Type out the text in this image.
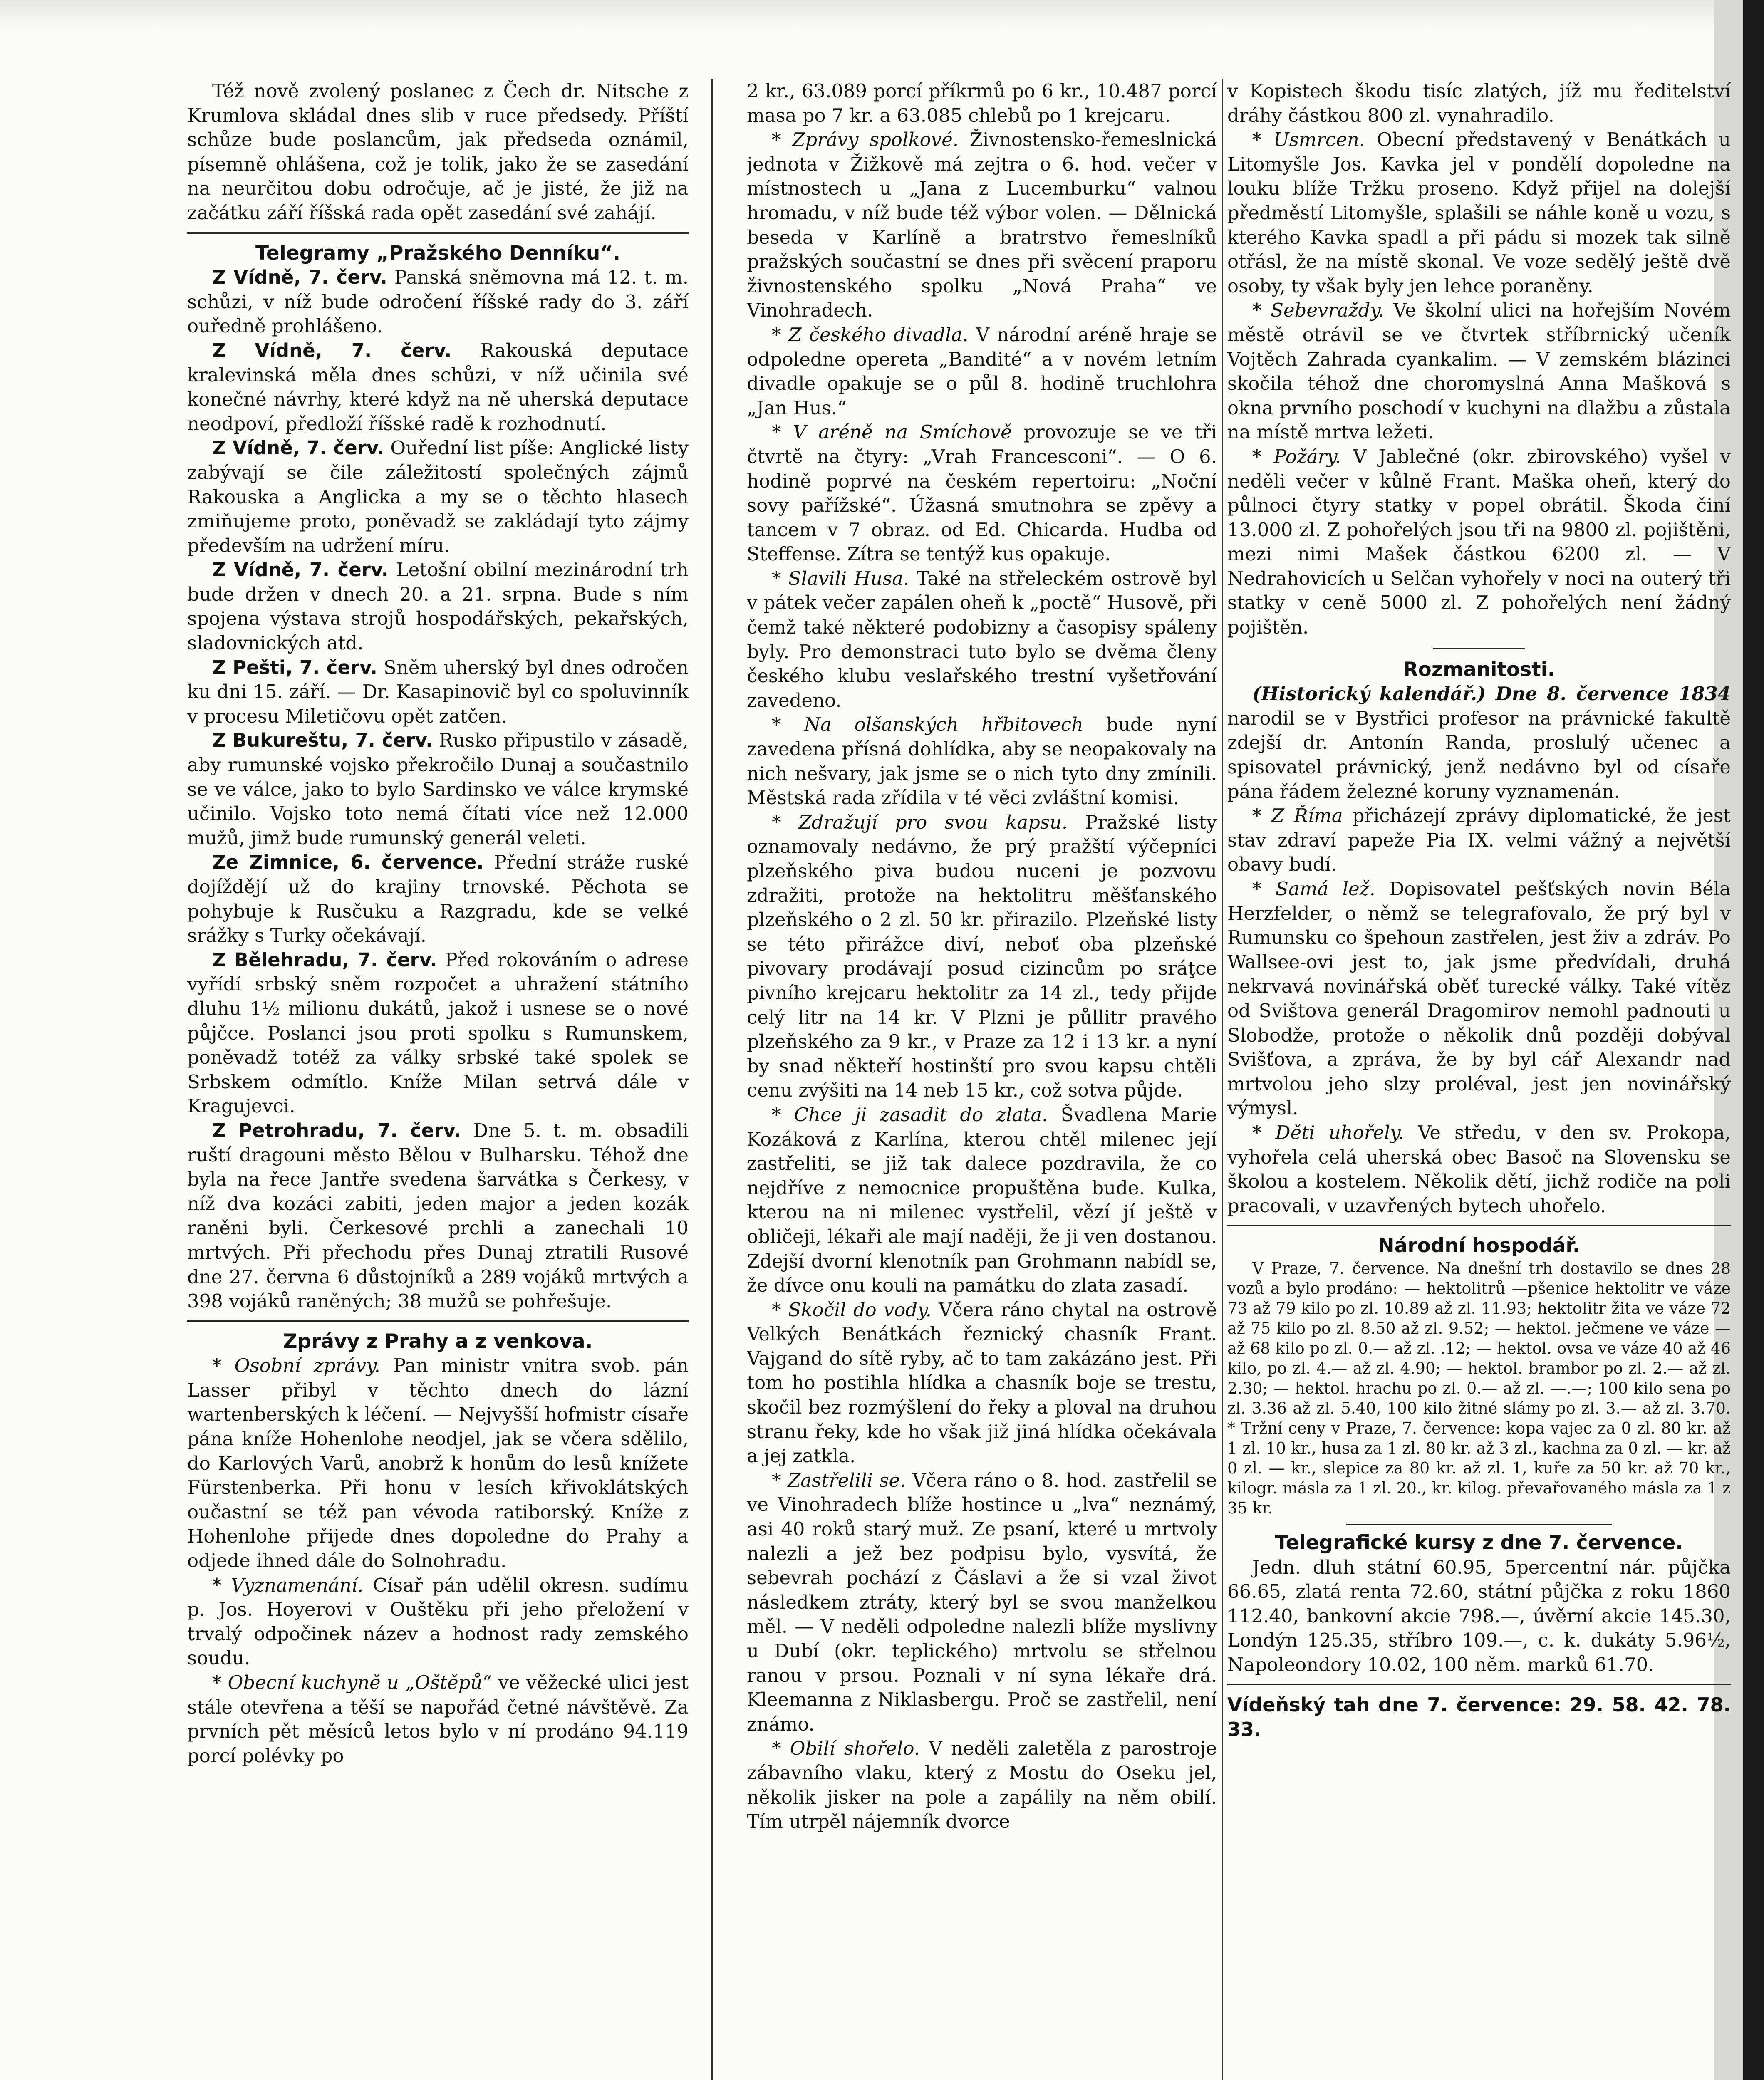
Též nově zvolený poslanec z Čech dr. Nitsche z Krumlova skládal dnes slib v ruce předsedy. Příští schůze bude poslancům, jak předseda oznámil, písemně ohlášena, což je tolik, jako že se zasedání na neurčitou dobu odročuje, ač je jisté, že již na začátku září říšská rada opět zasedání své zahájí.

Telegramy „Pražského Denníku“.

Z Vídně, 7. červ. Panská sněmovna má 12. t. m. schůzi, v níž bude odročení říšské rady do 3. září ouředně prohlášeno.

Z Vídně, 7. červ. Rakouská deputace kralevinská měla dnes schůzi, v níž učinila své konečné návrhy, které když na ně uherská deputace neodpoví, předloží říšské radě k rozhodnutí.

Z Vídně, 7. červ. Ouřední list píše: Anglické listy zabývají se čile záležitostí společných zájmů Rakouska a Anglicka a my se o těchto hlasech zmiňujeme proto, poněvadž se zakládají tyto zájmy především na udržení míru.

Z Vídně, 7. červ. Letošní obilní mezinárodní trh bude držen v dnech 20. a 21. srpna. Bude s ním spojena výstava strojů hospodářských, pekařských, sladovnických atd.

Z Pešti, 7. červ. Sněm uherský byl dnes odročen ku dni 15. září. — Dr. Kasapinovič byl co spoluvinník v procesu Miletičovu opět zatčen.

Z Bukureštu, 7. červ. Rusko připustilo v zásadě, aby rumunské vojsko překročilo Dunaj a součastnilo se ve válce, jako to bylo Sardinsko ve válce krymské učinilo. Vojsko toto nemá čítati více než 12.000 mužů, jimž bude rumunský generál veleti.

Ze Zimnice, 6. července. Přední stráže ruské dojíždějí už do krajiny trnovské. Pěchota se pohybuje k Rusčuku a Razgradu, kde se velké srážky s Turky očekávají.

Z Bělehradu, 7. červ. Před rokováním o adrese vyřídí srbský sněm rozpočet a uhražení státního dluhu 1½ milionu dukátů, jakož i usnese se o nové půjčce. Poslanci jsou proti spolku s Rumunskem, poněvadž totéž za války srbské také spolek se Srbskem odmítlo. Kníže Milan setrvá dále v Kragujevci.

Z Petrohradu, 7. červ. Dne 5. t. m. obsadili ruští dragouni město Bělou v Bulharsku. Téhož dne byla na řece Jantře svedena šarvátka s Čerkesy, v níž dva kozáci zabiti, jeden major a jeden kozák raněni byli. Čerkesové prchli a zanechali 10 mrtvých. Při přechodu přes Dunaj ztratili Rusové dne 27. června 6 důstojníků a 289 vojáků mrtvých a 398 vojáků raněných; 38 mužů se pohřešuje.

Zprávy z Prahy a z venkova.

* Osobní zprávy. Pan ministr vnitra svob. pán Lasser přibyl v těchto dnech do lázní wartenberských k léčení. — Nejvyšší hofmistr císaře pána kníže Hohenlohe neodjel, jak se včera sdělilo, do Karlových Varů, anobrž k honům do lesů knížete Fürstenberka. Při honu v lesích křivoklátských oučastní se též pan vévoda ratiborský. Kníže z Hohenlohe přijede dnes dopoledne do Prahy a odjede ihned dále do Solnohradu.

* Vyznamenání. Císař pán udělil okresn. sudímu p. Jos. Hoyerovi v Ouštěku při jeho přeložení v trvalý odpočinek název a hodnost rady zemského soudu.

* Obecní kuchyně u „Oštěpů“ ve věžecké ulici jest stále otevřena a těší se napořád četné návštěvě. Za prvních pět měsíců letos bylo v ní prodáno 94.119 porcí polévky po

2 kr., 63.089 porcí příkrmů po 6 kr., 10.487 porcí masa po 7 kr. a 63.085 chlebů po 1 krejcaru.

* Zprávy spolkové. Živnostensko-řemeslnická jednota v Žižkově má zejtra o 6. hod. večer v místnostech u „Jana z Lucemburku“ valnou hromadu, v níž bude též výbor volen. — Dělnická beseda v Karlíně a bratrstvo řemeslníků pražských součastní se dnes při svěcení praporu živnostenského spolku „Nová Praha“ ve Vinohradech.

* Z českého divadla. V národní aréně hraje se odpoledne opereta „Bandité“ a v novém letním divadle opakuje se o půl 8. hodině truchlohra „Jan Hus.“

* V aréně na Smíchově provozuje se ve tři čtvrtě na čtyry: „Vrah Francesconi“. — O 6. hodině poprvé na českém repertoiru: „Noční sovy pařížské“. Úžasná smutnohra se zpěvy a tancem v 7 obraz. od Ed. Chicarda. Hudba od Steffense. Zítra se tentýž kus opakuje.

* Slavili Husa. Také na střeleckém ostrově byl v pátek večer zapálen oheň k „poctě“ Husově, při čemž také některé podobizny a časopisy spáleny byly. Pro demonstraci tuto bylo se dvěma členy českého klubu veslařského trestní vyšetřování zavedeno.

* Na olšanských hřbitovech bude nyní zavedena přísná dohlídka, aby se neopakovaly na nich nešvary, jak jsme se o nich tyto dny zmínili. Městská rada zřídila v té věci zvláštní komisi.

* Zdražují pro svou kapsu. Pražské listy oznamovaly nedávno, že prý pražští výčepníci plzeňského piva budou nuceni je pozvovu zdražiti, protože na hektolitru měšťanského plzeňského o 2 zl. 50 kr. přirazilo. Plzeňské listy se této přirážce diví, neboť oba plzeňské pivovary prodávají posud cizincům po sráţce pivního krejcaru hektolitr za 14 zl., tedy přijde celý litr na 14 kr. V Plzni je půllitr pravého plzeňského za 9 kr., v Praze za 12 i 13 kr. a nyní by snad někteří hostinští pro svou kapsu chtěli cenu zvýšiti na 14 neb 15 kr., což sotva půjde.

* Chce ji zasadit do zlata. Švadlena Marie Kozáková z Karlína, kterou chtěl milenec její zastřeliti, se již tak dalece pozdravila, že co nejdříve z nemocnice propuštěna bude. Kulka, kterou na ni milenec vystřelil, vězí jí ještě v obličeji, lékaři ale mají naději, že ji ven dostanou. Zdejší dvorní klenotník pan Grohmann nabídl se, že dívce onu kouli na památku do zlata zasadí.

* Skočil do vody. Včera ráno chytal na ostrově Velkých Benátkách řeznický chasník Frant. Vajgand do sítě ryby, ač to tam zakázáno jest. Při tom ho postihla hlídka a chasník boje se trestu, skočil bez rozmýšlení do řeky a ploval na druhou stranu řeky, kde ho však již jiná hlídka očekávala a jej zatkla.

* Zastřelili se. Včera ráno o 8. hod. zastřelil se ve Vinohradech blíže hostince u „lva“ neznámý, asi 40 roků starý muž. Ze psaní, které u mrtvoly nalezli a jež bez podpisu bylo, vysvítá, že sebevrah pochází z Čáslavi a že si vzal život následkem ztráty, který byl se svou manželkou měl. — V neděli odpoledne nalezli blíže myslivny u Dubí (okr. teplického) mrtvolu se střelnou ranou v prsou. Poznali v ní syna lékaře drá. Kleemanna z Niklasbergu. Proč se zastřelil, není známo.

* Obilí shořelo. V neděli zaletěla z parostroje zábavního vlaku, který z Mostu do Oseku jel, několik jisker na pole a zapálily na něm obilí. Tím utrpěl nájemník dvorce

v Kopistech škodu tisíc zlatých, jíž mu ředitelství dráhy částkou 800 zl. vynahradilo.

* Usmrcen. Obecní představený v Benátkách u Litomyšle Jos. Kavka jel v pondělí dopoledne na louku blíže Tržku proseno. Když přijel na dolejší předměstí Litomyšle, splašili se náhle koně u vozu, s kterého Kavka spadl a při pádu si mozek tak silně otřásl, že na místě skonal. Ve voze sedělý ještě dvě osoby, ty však byly jen lehce poraněny.

* Sebevraždy. Ve školní ulici na hořejším Novém městě otrávil se ve čtvrtek stříbrnický učeník Vojtěch Zahrada cyankalim. — V zemském blázinci skočila téhož dne choromyslná Anna Mašková s okna prvního poschodí v kuchyni na dlažbu a zůstala na místě mrtva ležeti.

* Požáry. V Jablečné (okr. zbirovského) vyšel v neděli večer v kůlně Frant. Maška oheň, který do půlnoci čtyry statky v popel obrátil. Škoda činí 13.000 zl. Z pohořelých jsou tři na 9800 zl. pojištěni, mezi nimi Mašek částkou 6200 zl. — V Nedrahovicích u Selčan vyhořely v noci na outerý tři statky v ceně 5000 zl. Z pohořelých není žádný pojištěn.

Rozmanitosti.

(Historický kalendář.) Dne 8. července 1834 narodil se v Bystřici profesor na právnické fakultě zdejší dr. Antonín Randa, proslulý učenec a spisovatel právnický, jenž nedávno byl od císaře pána řádem železné koruny vyznamenán.

* Z Říma přicházejí zprávy diplomatické, že jest stav zdraví papeže Pia IX. velmi vážný a největší obavy budí.

* Samá lež. Dopisovatel pešťských novin Béla Herzfelder, o němž se telegrafovalo, že prý byl v Rumunsku co špehoun zastřelen, jest živ a zdráv. Po Wallsee-ovi jest to, jak jsme předvídali, druhá nekrvavá novinářská oběť turecké války. Také vítěz od Svištova generál Dragomirov nemohl padnouti u Slobodže, protože o několik dnů později dobýval Svišťova, a zpráva, že by byl cář Alexandr nad mrtvolou jeho slzy proléval, jest jen novinářský výmysl.

* Děti uhořely. Ve středu, v den sv. Prokopa, vyhořela celá uherská obec Basoč na Slovensku se školou a kostelem. Několik dětí, jichž rodiče na poli pracovali, v uzavřených bytech uhořelo.

Národní hospodář.

V Praze, 7. července. Na dnešní trh dostavilo se dnes 28 vozů a bylo prodáno: — hektolitrů —pšenice hektolitr ve váze 73 až 79 kilo po zl. 10.89 až zl. 11.93; hektolitr žita ve váze 72 až 75 kilo po zl. 8.50 až zl. 9.52; — hektol. ječmene ve váze — až 68 kilo po zl. 0.— až zl. .12; — hektol. ovsa ve váze 40 až 46 kilo, po zl. 4.— až zl. 4.90; — hektol. brambor po zl. 2.— až zl. 2.30; — hektol. hrachu po zl. 0.— až zl. —.—; 100 kilo sena po zl. 3.36 až zl. 5.40, 100 kilo žitné slámy po zl. 3.— až zl. 3.70. * Tržní ceny v Praze, 7. července: kopa vajec za 0 zl. 80 kr. až 1 zl. 10 kr., husa za 1 zl. 80 kr. až 3 zl., kachna za 0 zl. — kr. až 0 zl. — kr., slepice za 80 kr. až zl. 1, kuře za 50 kr. až 70 kr., kilogr. másla za 1 zl. 20., kr. kilog. převařovaného másla za 1 z 35 kr.

Telegrafické kursy z dne 7. července.

Jedn. dluh státní 60.95, 5percentní nár. půjčka 66.65, zlatá renta 72.60, státní půjčka z roku 1860 112.40, bankovní akcie 798.—, úvěrní akcie 145.30, Londýn 125.35, stříbro 109.—, c. k. dukáty 5.96½, Napoleondory 10.02, 100 něm. marků 61.70.

Vídeňský tah dne 7. července: 29. 58. 42. 78. 33.
